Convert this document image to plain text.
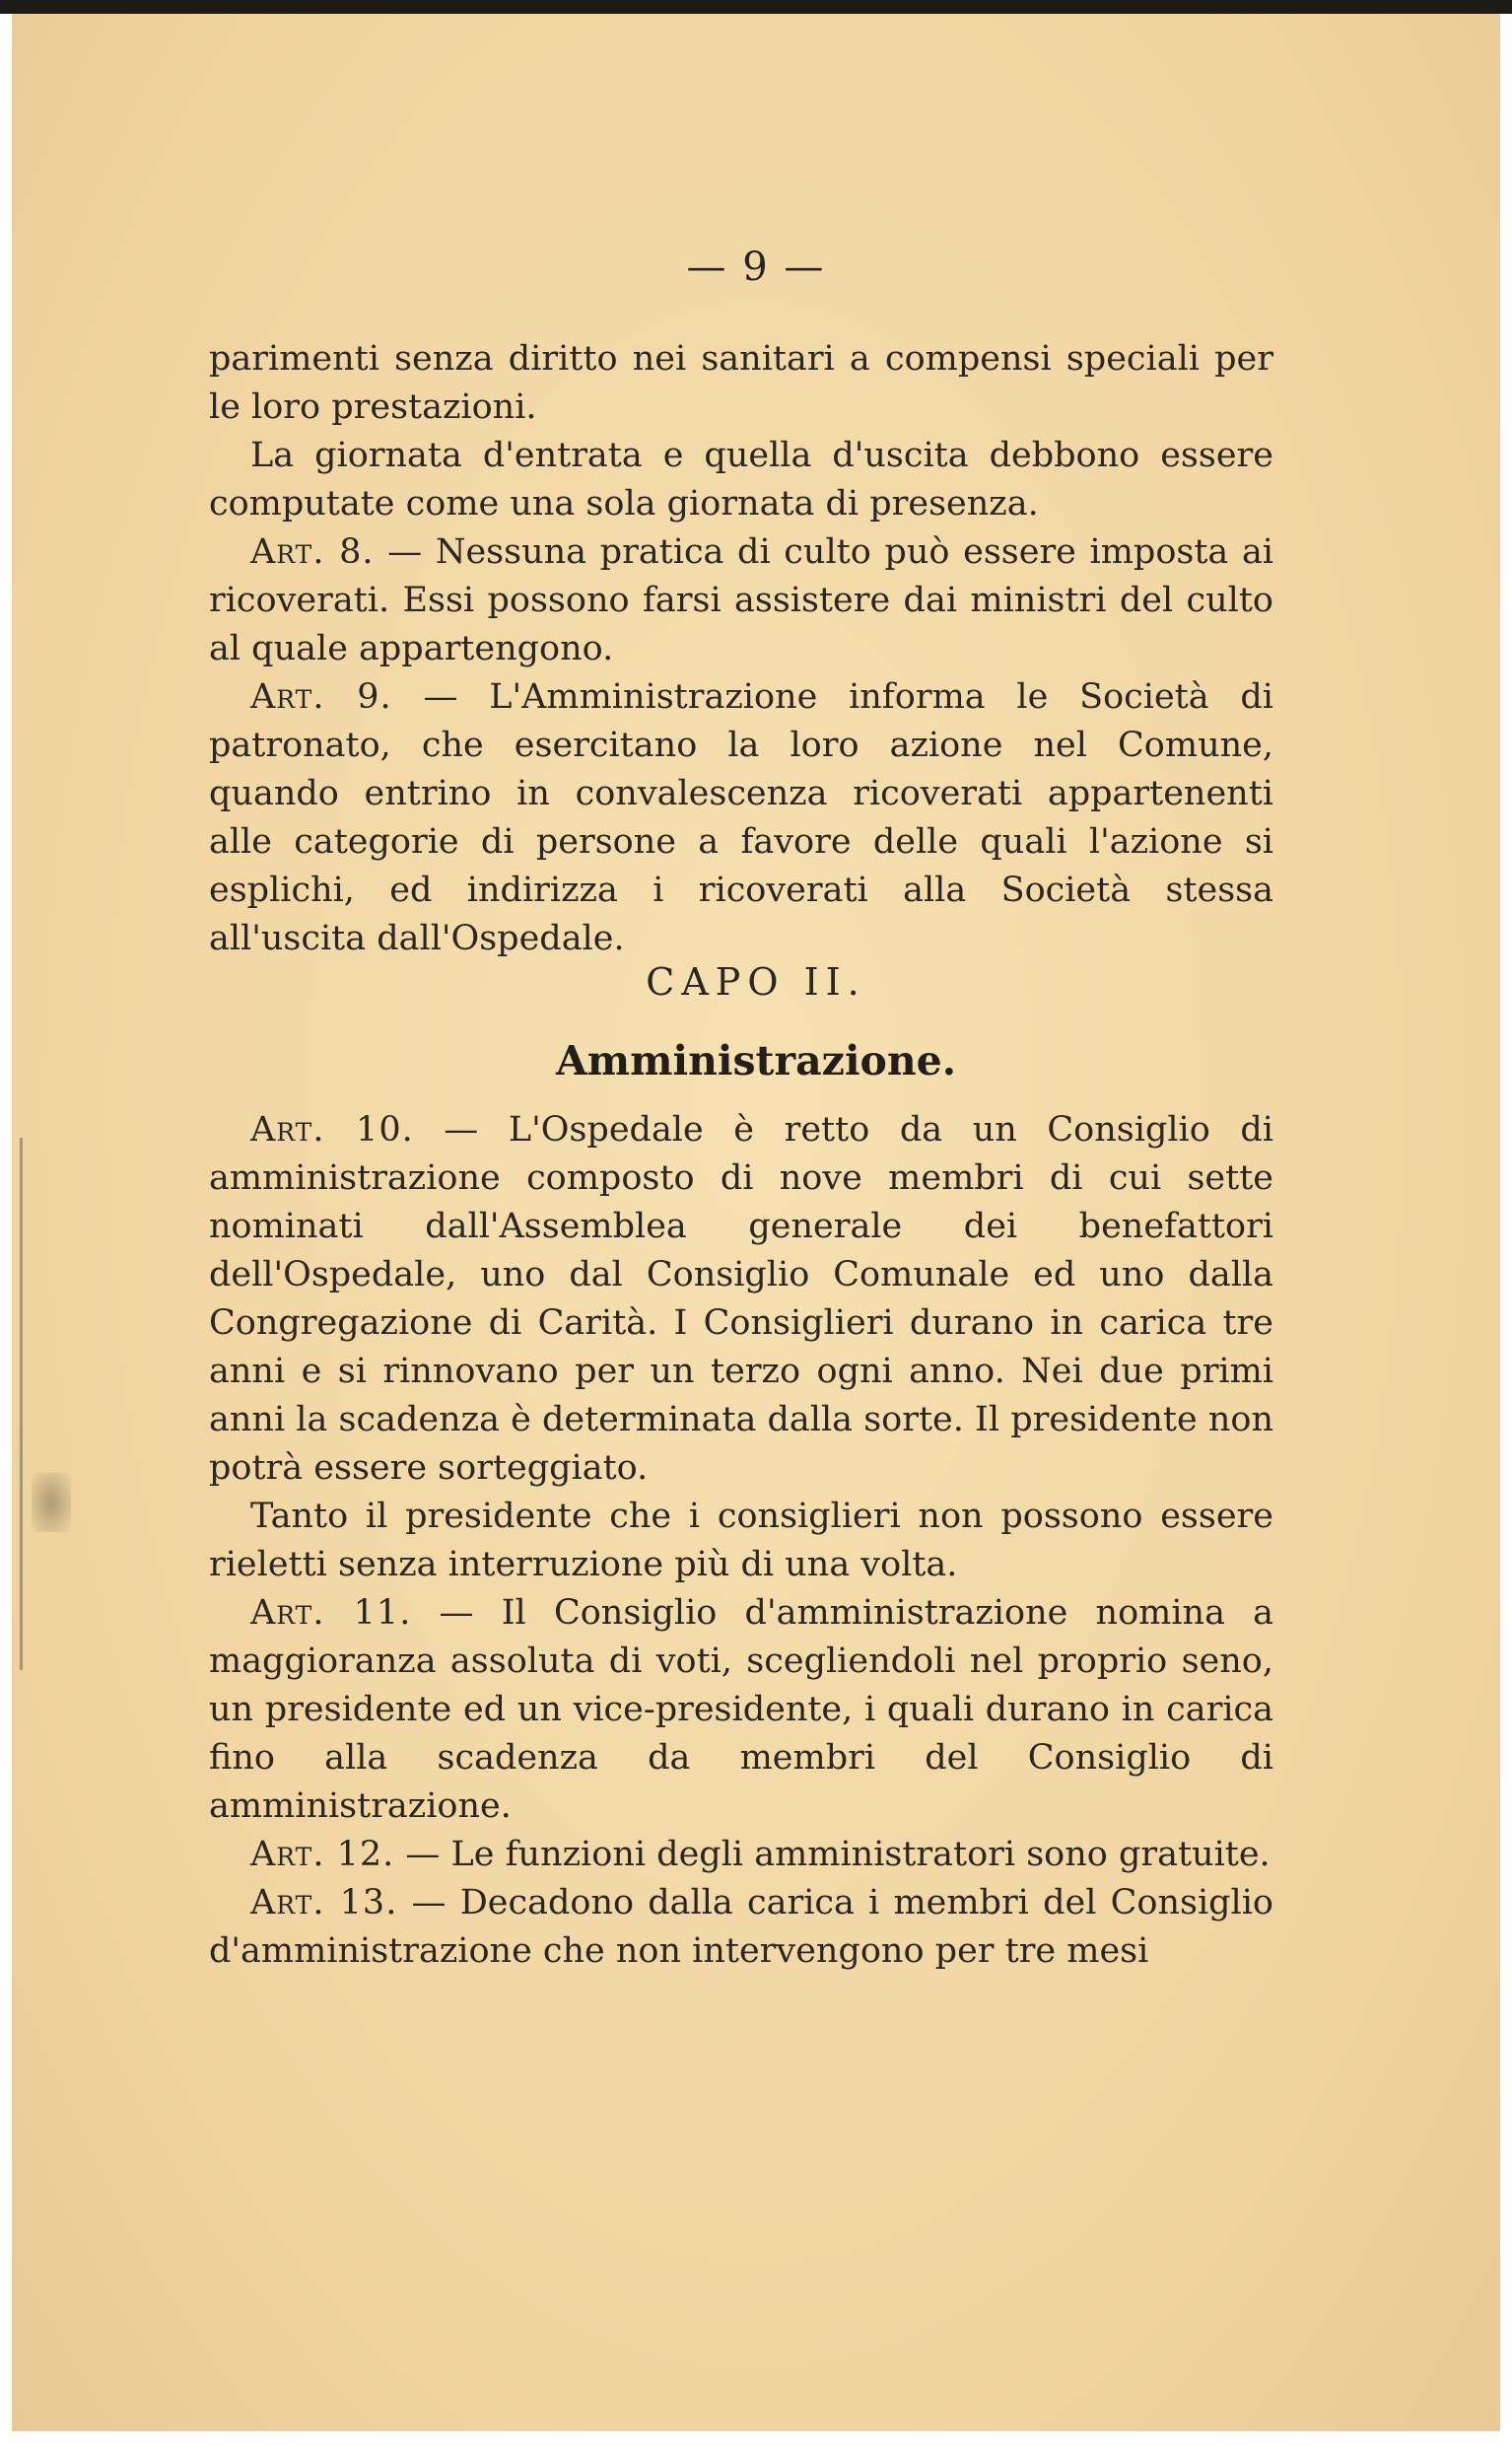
— 9 —

parimenti senza diritto nei sanitari a compensi speciali per le loro prestazioni.

La giornata d'entrata e quella d'uscita debbono essere computate come una sola giornata di presenza.

Art. 8. — Nessuna pratica di culto può essere imposta ai ricoverati. Essi possono farsi assistere dai ministri del culto al quale appartengono.

Art. 9. — L'Amministrazione informa le Società di patronato, che esercitano la loro azione nel Comune, quando entrino in convalescenza ricoverati appartenenti alle categorie di persone a favore delle quali l'azione si esplichi, ed indirizza i ricoverati alla Società stessa all'uscita dall'Ospedale.

CAPO II.
Amministrazione.

Art. 10. — L'Ospedale è retto da un Consiglio di amministrazione composto di nove membri di cui sette nominati dall'Assemblea generale dei benefattori dell'Ospedale, uno dal Consiglio Comunale ed uno dalla Congregazione di Carità. I Consiglieri durano in carica tre anni e si rinnovano per un terzo ogni anno. Nei due primi anni la scadenza è determinata dalla sorte. Il presidente non potrà essere sorteggiato.

Tanto il presidente che i consiglieri non possono essere rieletti senza interruzione più di una volta.

Art. 11. — Il Consiglio d'amministrazione nomina a maggioranza assoluta di voti, scegliendoli nel proprio seno, un presidente ed un vice-presidente, i quali durano in carica fino alla scadenza da membri del Consiglio di amministrazione.

Art. 12. — Le funzioni degli amministratori sono gratuite.

Art. 13. — Decadono dalla carica i membri del Consiglio d'amministrazione che non intervengono per tre mesi
